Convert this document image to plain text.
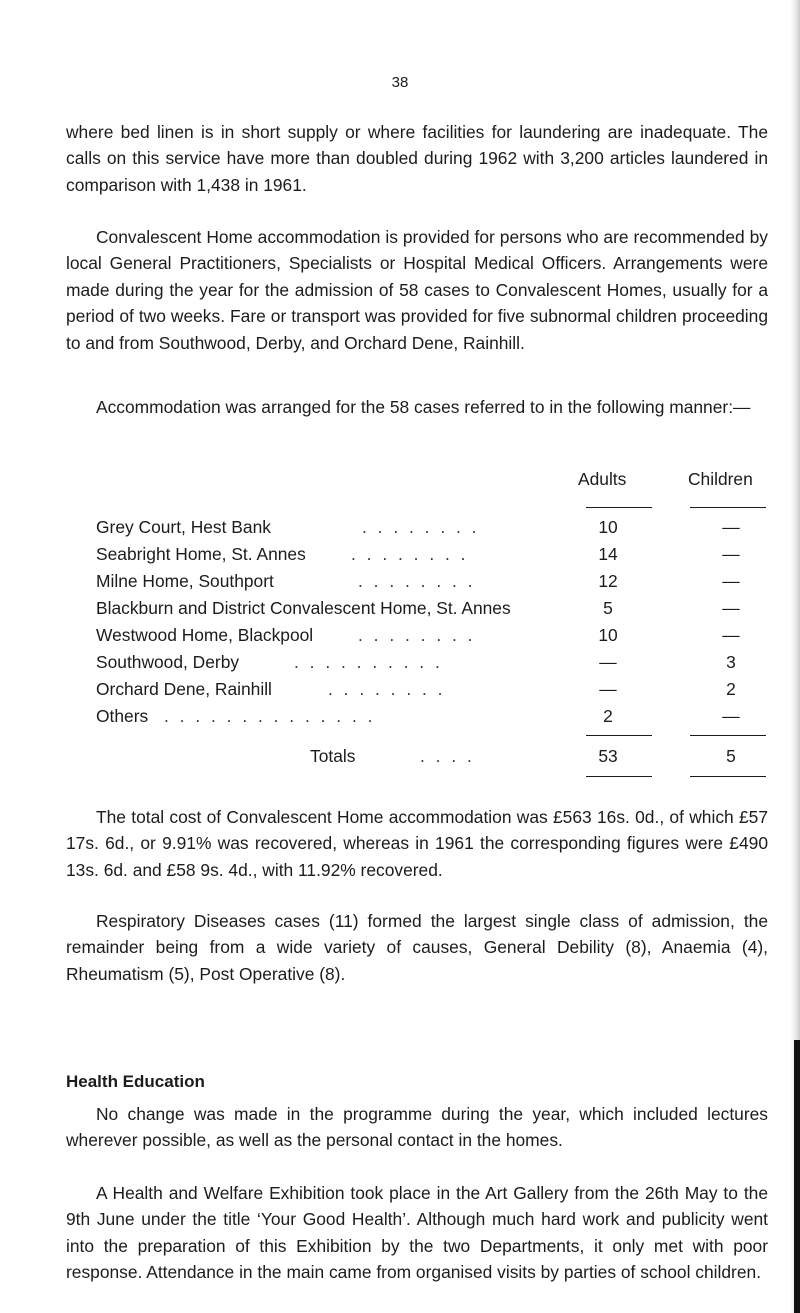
38

where bed linen is in short supply or where facilities for laundering are inadequate. The calls on this service have more than doubled during 1962 with 3,200 articles laundered in comparison with 1,438 in 1961.

Convalescent Home accommodation is provided for persons who are recommended by local General Practitioners, Specialists or Hospital Medical Officers. Arrangements were made during the year for the admission of 58 cases to Convalescent Homes, usually for a period of two weeks. Fare or transport was provided for five subnormal children proceeding to and from Southwood, Derby, and Orchard Dene, Rainhill.

Accommodation was arranged for the 58 cases referred to in the following manner:—

Adults	Children
Grey Court, Hest Bank	. . . . . . . .	10	—
Seabright Home, St. Annes	. . . . . . . .	14	—
Milne Home, Southport	. . . . . . . .	12	—
Blackburn and District Convalescent Home, St. Annes	5	—
Westwood Home, Blackpool	. . . . . . . .	10	—
Southwood, Derby	. . . . . . . . . .	—	3
Orchard Dene, Rainhill	. . . . . . . .	—	2
Others . . . . . . . . . . . . . .	2	—
Totals	. . . .	53	5

The total cost of Convalescent Home accommodation was £563 16s. 0d., of which £57 17s. 6d., or 9.91% was recovered, whereas in 1961 the corresponding figures were £490 13s. 6d. and £58 9s. 4d., with 11.92% recovered.

Respiratory Diseases cases (11) formed the largest single class of admission, the remainder being from a wide variety of causes, General Debility (8), Anaemia (4), Rheumatism (5), Post Operative (8).

Health Education

No change was made in the programme during the year, which included lectures wherever possible, as well as the personal contact in the homes.

A Health and Welfare Exhibition took place in the Art Gallery from the 26th May to the 9th June under the title ‘Your Good Health’. Although much hard work and publicity went into the preparation of this Exhibition by the two Departments, it only met with poor response. Attendance in the main came from organised visits by parties of school children.
